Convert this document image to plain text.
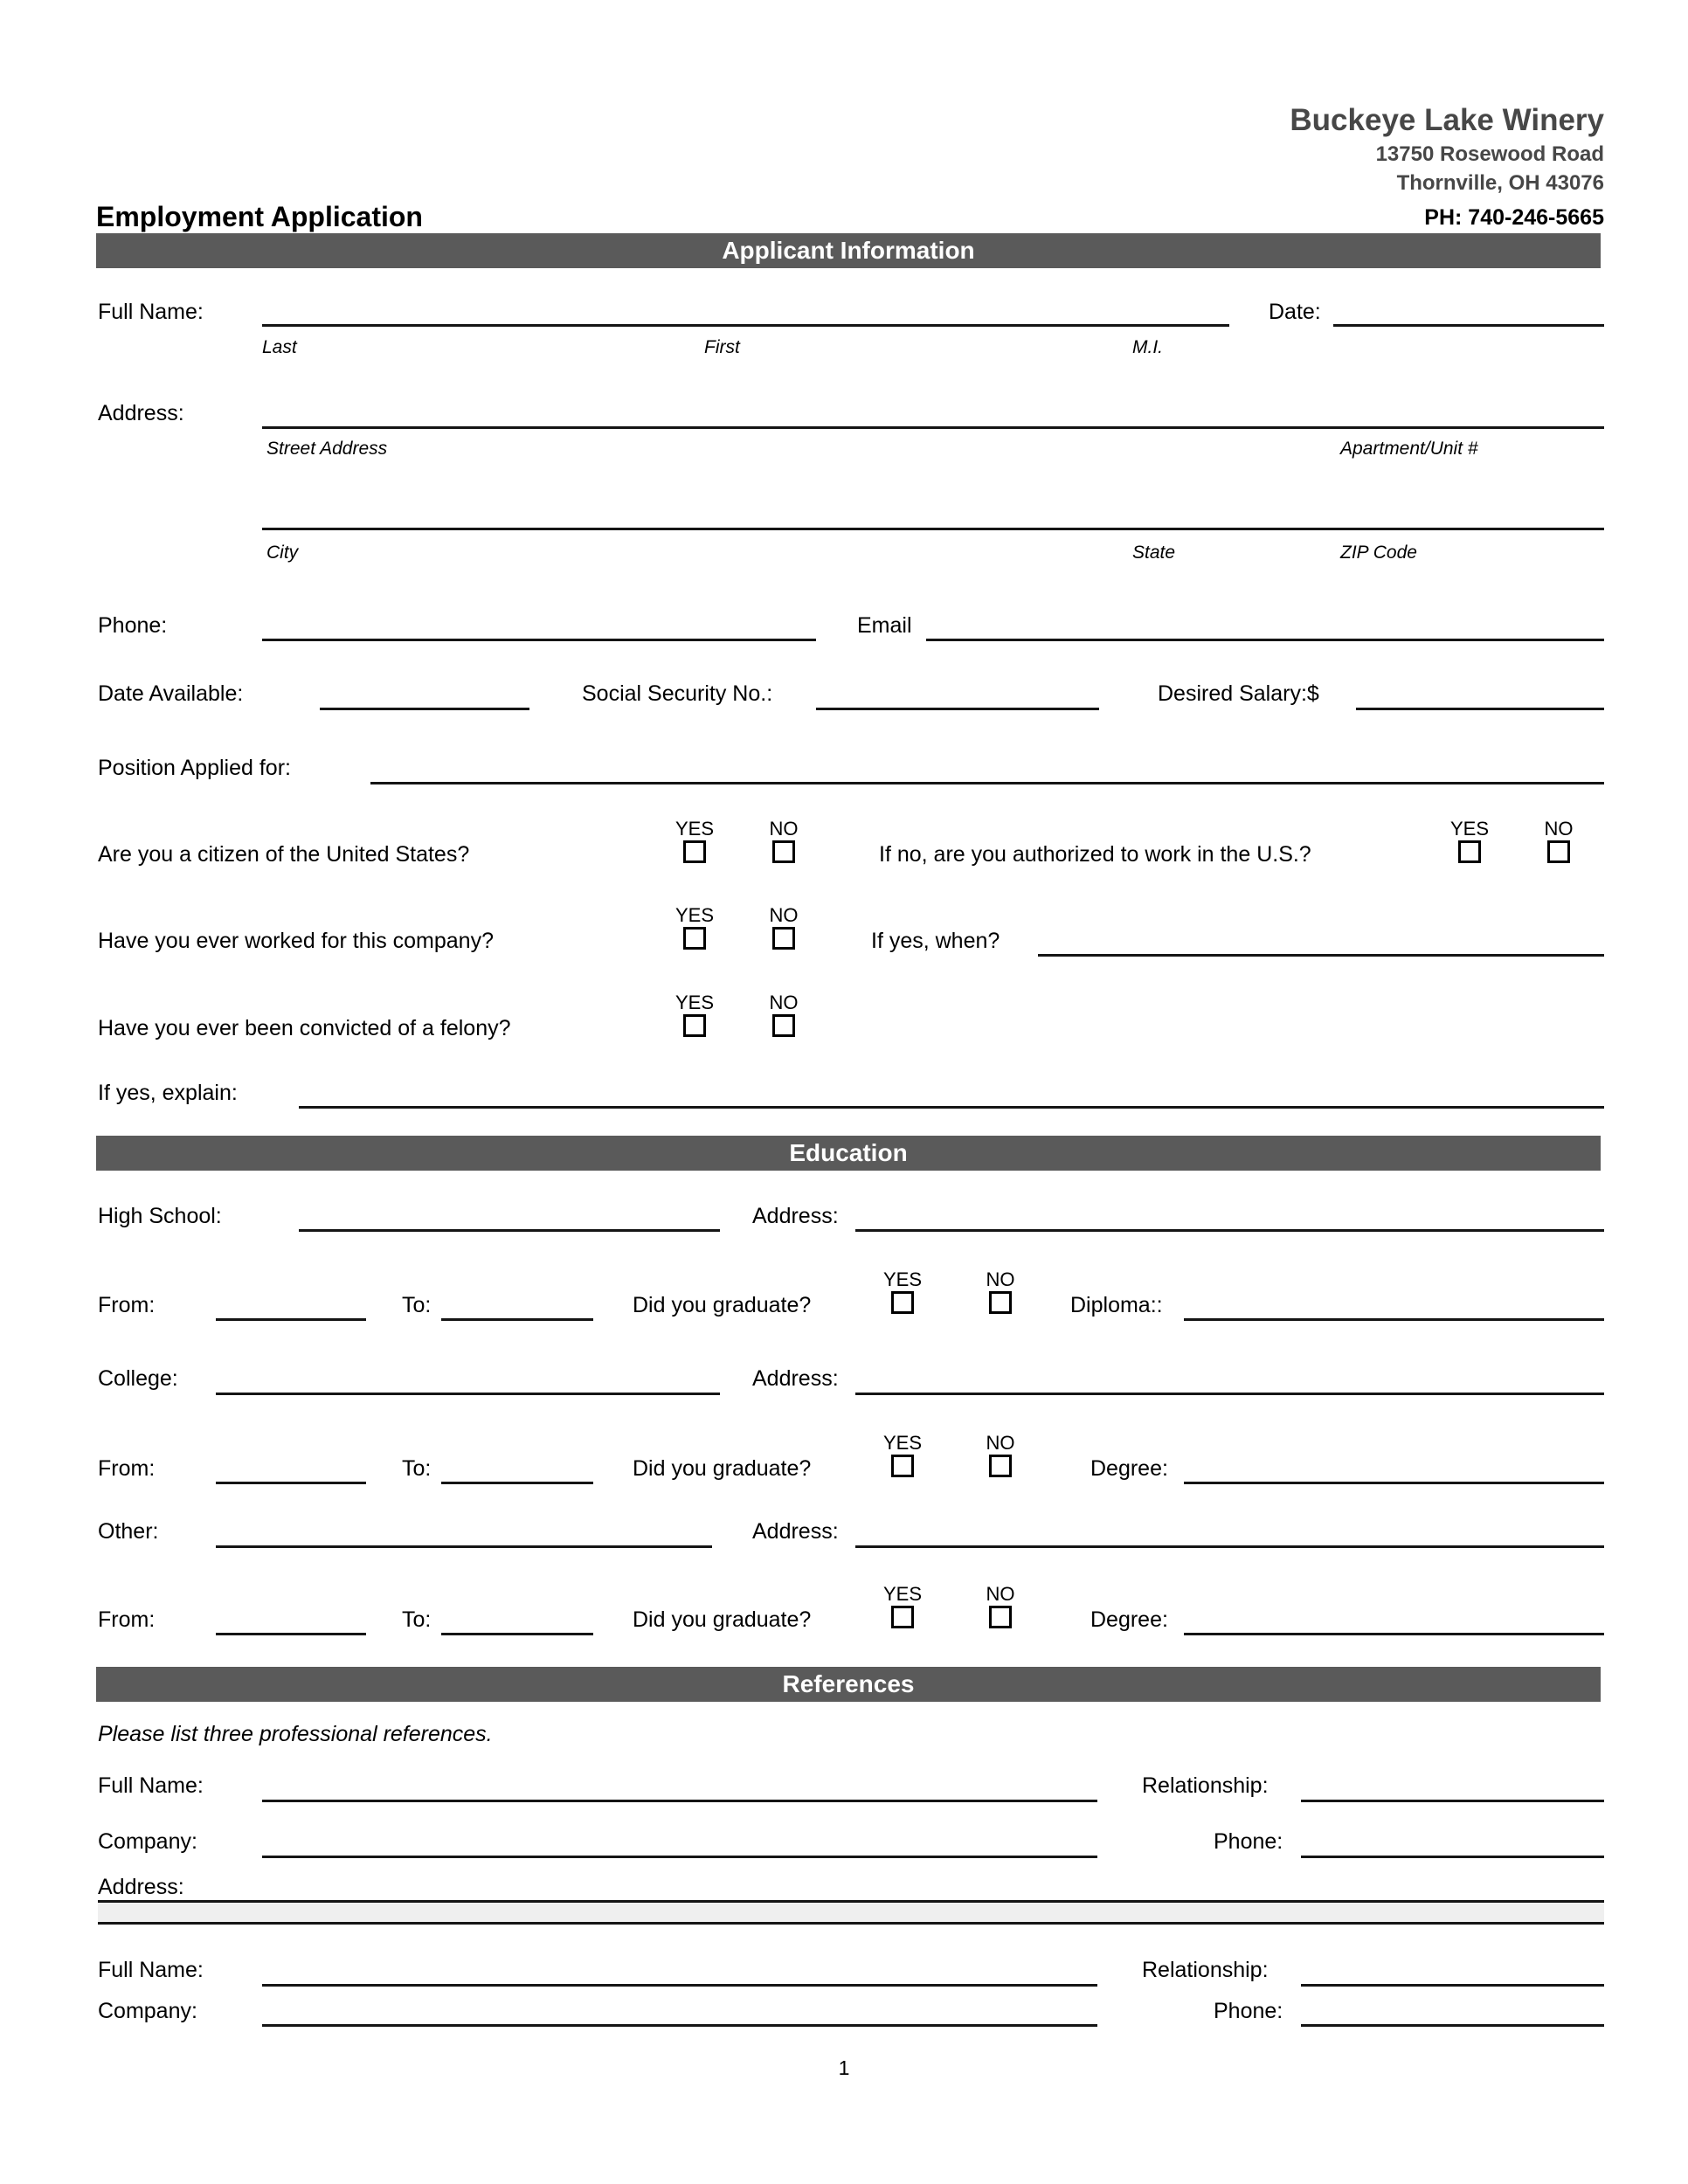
Buckeye Lake Winery
13750 Rosewood Road
Thornville, OH 43076
Employment Application	PH: 740-246-5665
Applicant Information
Full Name:	Date:
Last	First	M.I.
Address:
Street Address	Apartment/Unit #
City	State	ZIP Code
Phone:	Email
Date Available:	Social Security No.:	Desired Salary:$
Position Applied for:
YES	NO
Are you a citizen of the United States?	If no, are you authorized to work in the U.S.?
YES	NO
YES	NO
Have you ever worked for this company?	If yes, when?
YES	NO
Have you ever been convicted of a felony?
If yes, explain:
Education
High School:	Address:
YES	NO
From:	To:	Did you graduate?	Diploma::
College:	Address:
YES	NO
From:	To:	Did you graduate?	Degree:
Other:	Address:
YES	NO
From:	To:	Did you graduate?	Degree:
References
Please list three professional references.
Full Name:	Relationship:
Company:	Phone:
Address:
Full Name:	Relationship:
Company:	Phone:
1
